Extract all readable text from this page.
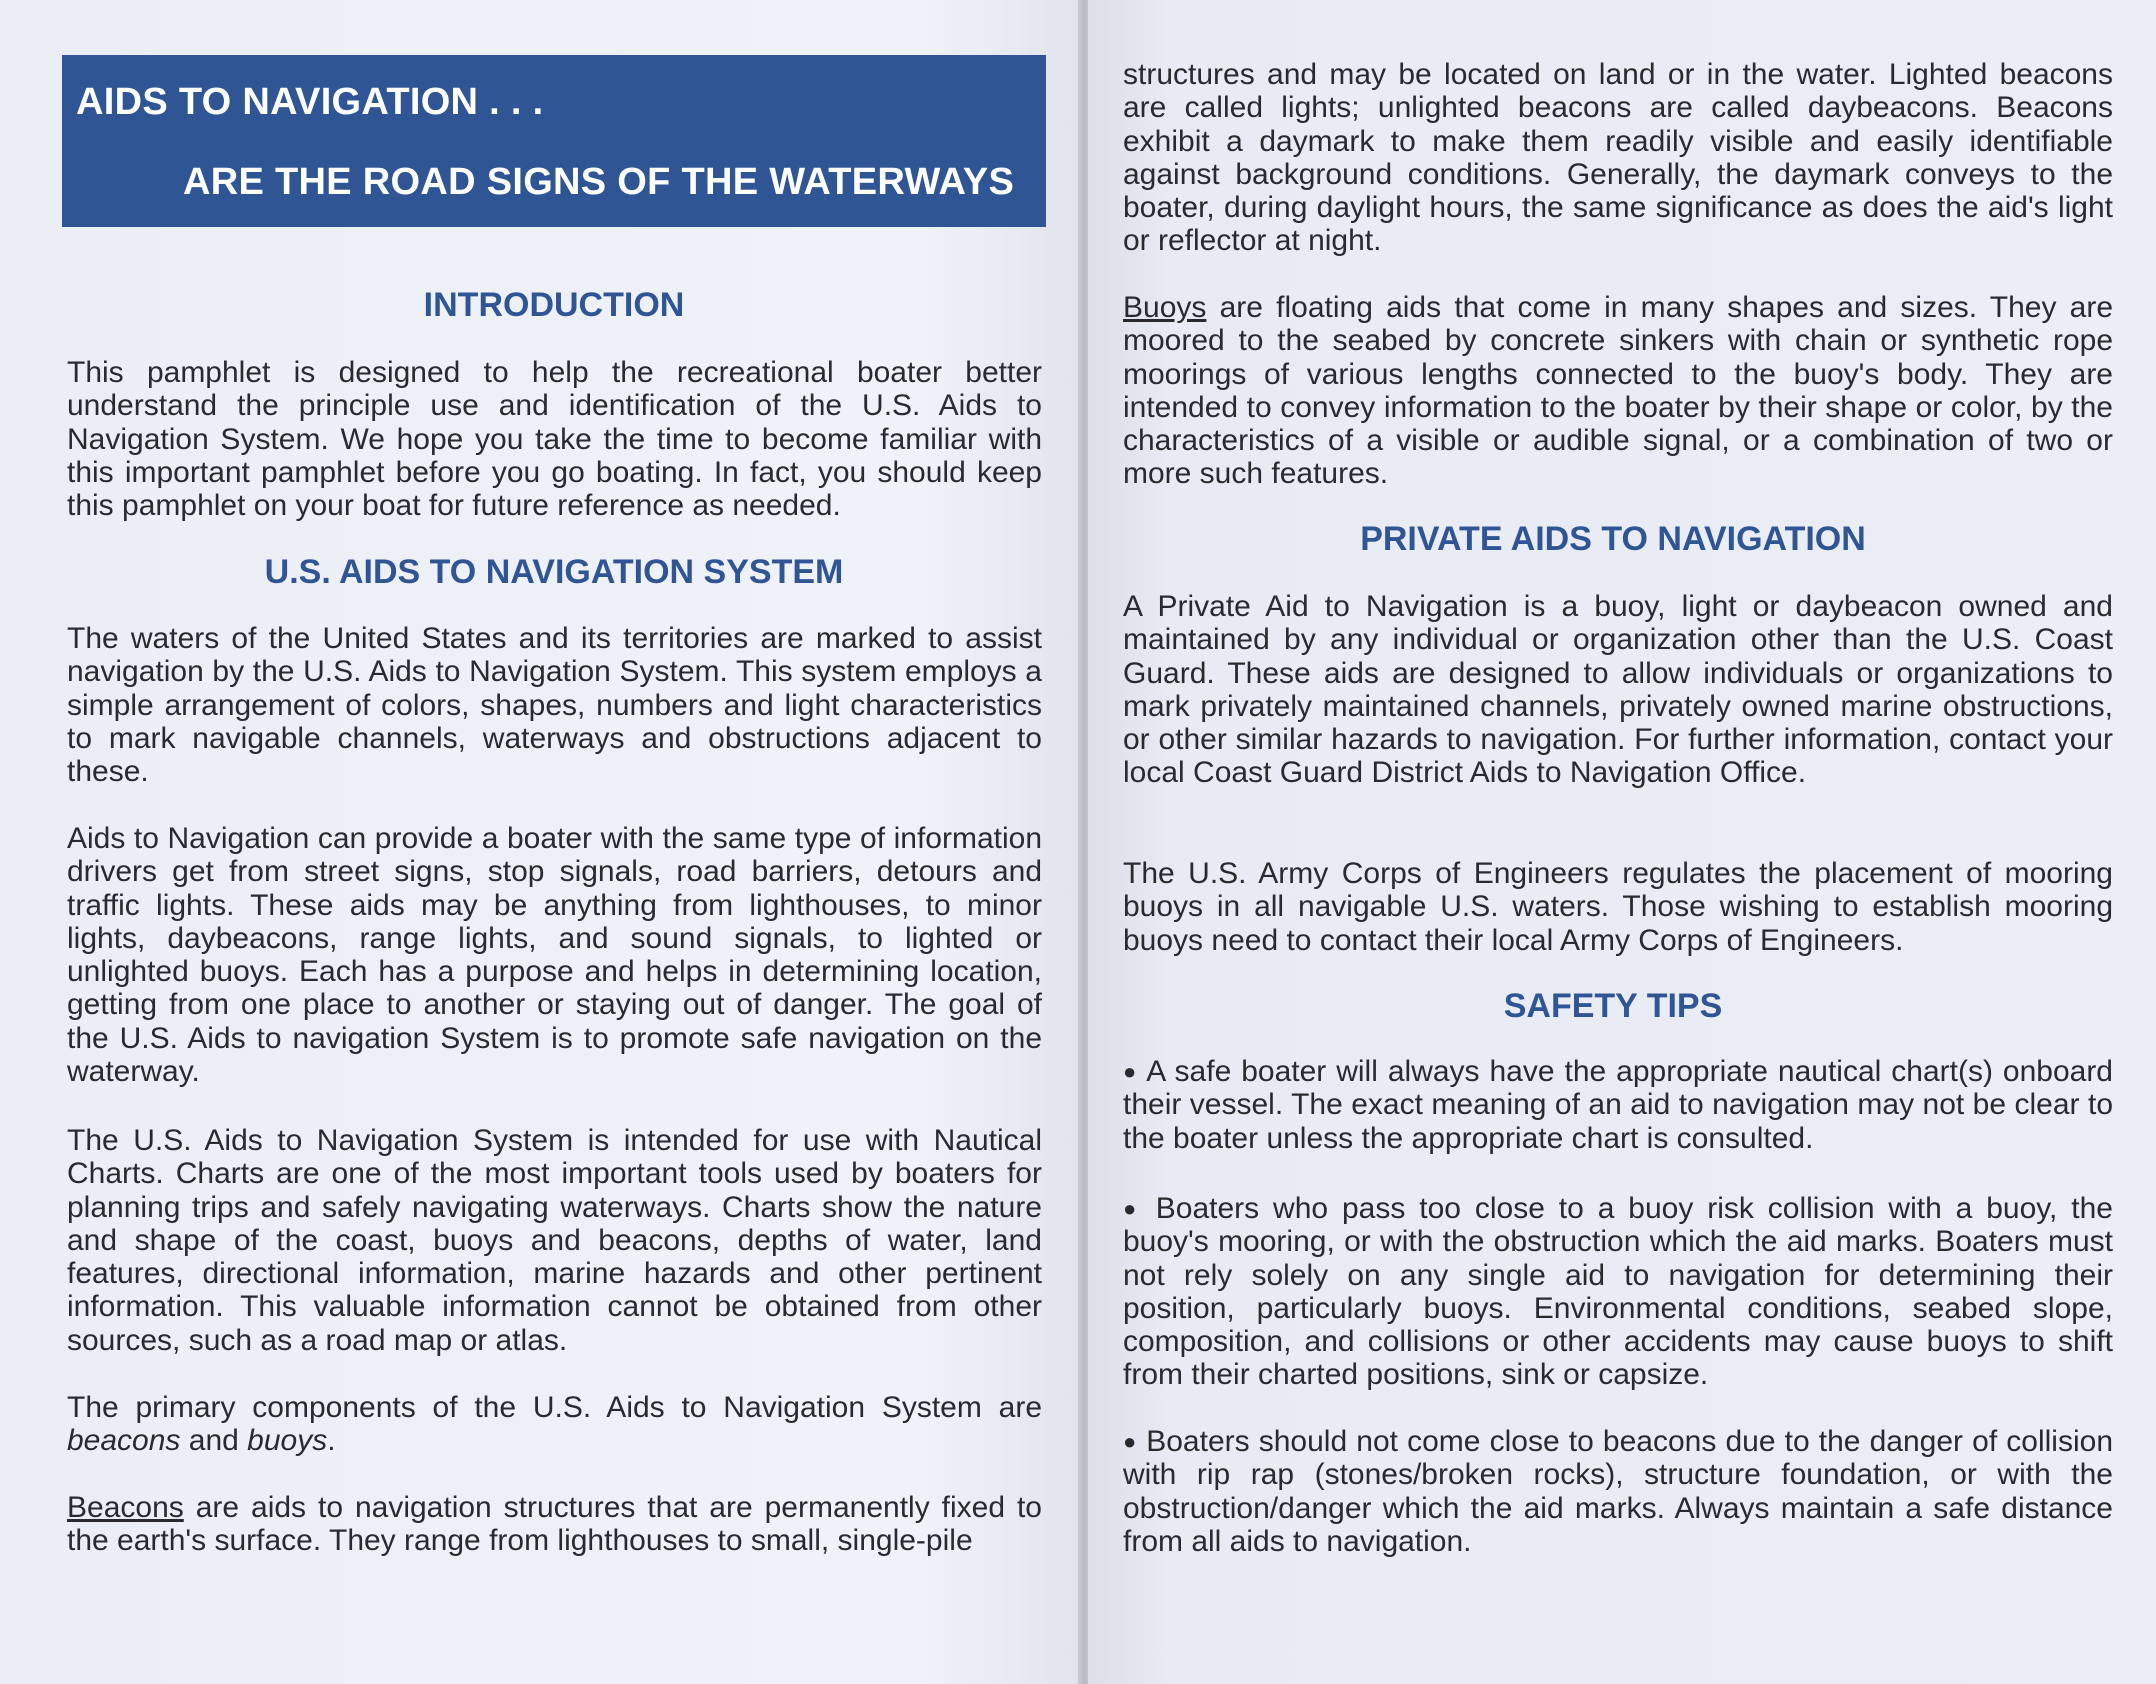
AIDS TO NAVIGATION . . .
ARE THE ROAD SIGNS OF THE WATERWAYS
INTRODUCTION

This pamphlet is designed to help the recreational boater better understand the principle use and identification of the U.S. Aids to Navigation System. We hope you take the time to become familiar with this important pamphlet before you go boating. In fact, you should keep this pamphlet on your boat for future reference as needed.

U.S. AIDS TO NAVIGATION SYSTEM

The waters of the United States and its territories are marked to assist navigation by the U.S. Aids to Navigation System. This system employs a simple arrangement of colors, shapes, numbers and light characteristics to mark navigable channels, waterways and obstructions adjacent to these.

Aids to Navigation can provide a boater with the same type of information drivers get from street signs, stop signals, road barriers, detours and traffic lights. These aids may be anything from lighthouses, to minor lights, daybeacons, range lights, and sound signals, to lighted or unlighted buoys. Each has a purpose and helps in determining location, getting from one place to another or staying out of danger. The goal of the U.S. Aids to navigation System is to promote safe navigation on the waterway.

The U.S. Aids to Navigation System is intended for use with Nautical Charts. Charts are one of the most important tools used by boaters for planning trips and safely navigating waterways. Charts show the nature and shape of the coast, buoys and beacons, depths of water, land features, directional information, marine hazards and other pertinent information. This valuable information cannot be obtained from other sources, such as a road map or atlas.

The primary components of the U.S. Aids to Navigation System are beacons and buoys.

Beacons are aids to navigation structures that are permanently fixed to the earth's surface. They range from lighthouses to small, single-pile

structures and may be located on land or in the water. Lighted beacons are called lights; unlighted beacons are called daybeacons. Beacons exhibit a daymark to make them readily visible and easily identifiable against background conditions. Generally, the daymark conveys to the boater, during daylight hours, the same significance as does the aid's light or reflector at night.

Buoys are floating aids that come in many shapes and sizes. They are moored to the seabed by concrete sinkers with chain or synthetic rope moorings of various lengths connected to the buoy's body. They are intended to convey information to the boater by their shape or color, by the characteristics of a visible or audible signal, or a combination of two or more such features.

PRIVATE AIDS TO NAVIGATION

A Private Aid to Navigation is a buoy, light or daybeacon owned and maintained by any individual or organization other than the U.S. Coast Guard. These aids are designed to allow individuals or organizations to mark privately maintained channels, privately owned marine obstructions, or other similar hazards to navigation. For further information, contact your local Coast Guard District Aids to Navigation Office.

The U.S. Army Corps of Engineers regulates the placement of mooring buoys in all navigable U.S. waters. Those wishing to establish mooring buoys need to contact their local Army Corps of Engineers.

SAFETY TIPS

● A safe boater will always have the appropriate nautical chart(s) onboard their vessel. The exact meaning of an aid to navigation may not be clear to the boater unless the appropriate chart is consulted.

● Boaters who pass too close to a buoy risk collision with a buoy, the buoy's mooring, or with the obstruction which the aid marks. Boaters must not rely solely on any single aid to navigation for determining their position, particularly buoys. Environmental conditions, seabed slope, composition, and collisions or other accidents may cause buoys to shift from their charted positions, sink or capsize.

● Boaters should not come close to beacons due to the danger of collision with rip rap (stones/broken rocks), structure foundation, or with the obstruction/danger which the aid marks. Always maintain a safe distance from all aids to navigation.
